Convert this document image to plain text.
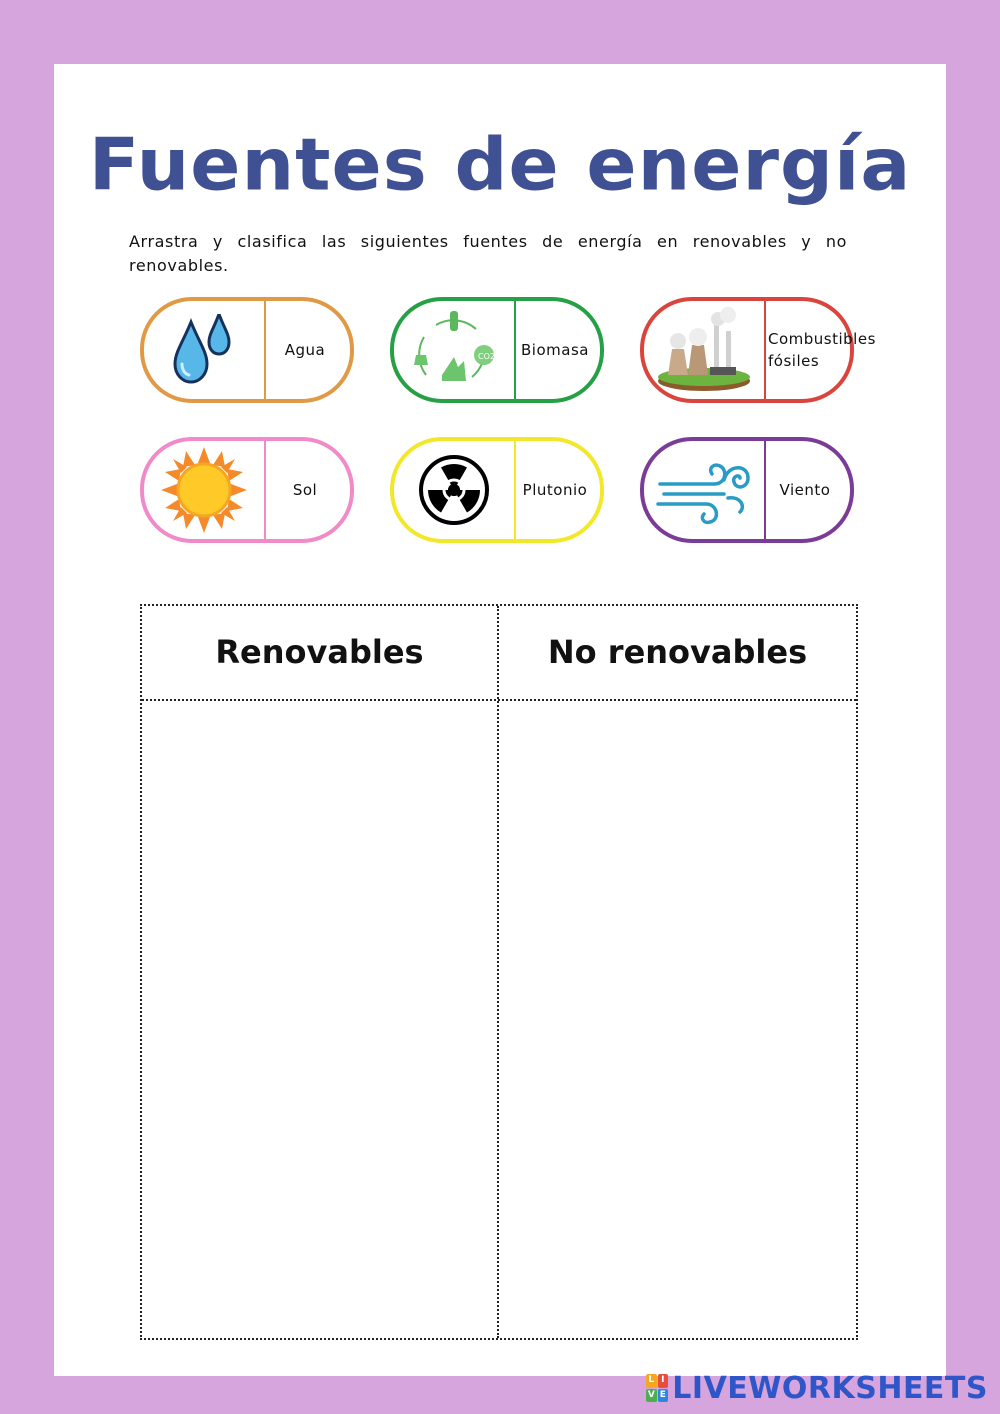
Fuentes de energía
Arrastra y clasifica las siguientes fuentes de energía en renovables y no renovables.
Agua	CO2 Biomasa
Combustibles fósiles
Sol	Plutonio	Viento
Renovables	No renovables
L I
V E LIVEWORKSHEETS
